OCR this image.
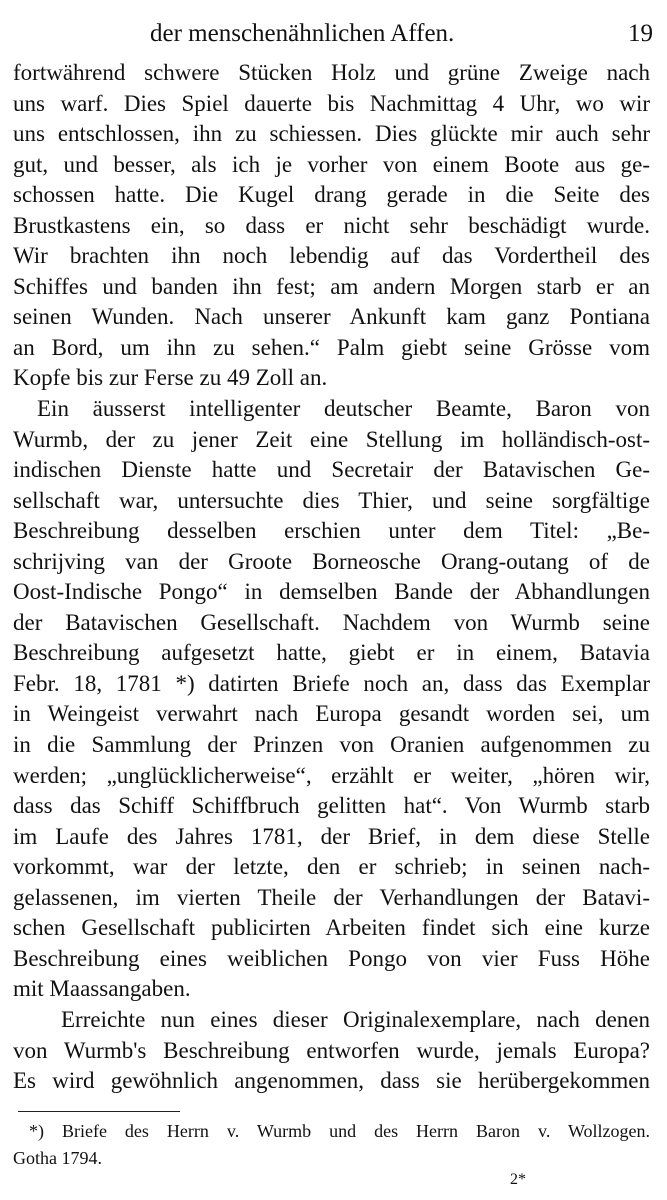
der menschenähnlichen Affen.	19
fortwährend schwere Stücken Holz und grüne Zweige nach
uns warf. Dies Spiel dauerte bis Nachmittag 4 Uhr, wo wir
uns entschlossen, ihn zu schiessen. Dies glückte mir auch sehr
gut, und besser, als ich je vorher von einem Boote aus ge-
schossen hatte. Die Kugel drang gerade in die Seite des
Brustkastens ein, so dass er nicht sehr beschädigt wurde.
Wir brachten ihn noch lebendig auf das Vordertheil des
Schiffes und banden ihn fest; am andern Morgen starb er an
seinen Wunden. Nach unserer Ankunft kam ganz Pontiana
an Bord, um ihn zu sehen.“ Palm giebt seine Grösse vom
Kopfe bis zur Ferse zu 49 Zoll an.
Ein äusserst intelligenter deutscher Beamte, Baron von
Wurmb, der zu jener Zeit eine Stellung im holländisch-ost-
indischen Dienste hatte und Secretair der Batavischen Ge-
sellschaft war, untersuchte dies Thier, und seine sorgfältige
Beschreibung desselben erschien unter dem Titel: „Be-
schrijving van der Groote Borneosche Orang-outang of de
Oost-Indische Pongo“ in demselben Bande der Abhandlungen
der Batavischen Gesellschaft. Nachdem von Wurmb seine
Beschreibung aufgesetzt hatte, giebt er in einem, Batavia
Febr. 18, 1781 *) datirten Briefe noch an, dass das Exemplar
in Weingeist verwahrt nach Europa gesandt worden sei, um
in die Sammlung der Prinzen von Oranien aufgenommen zu
werden; „unglücklicherweise“, erzählt er weiter, „hören wir,
dass das Schiff Schiffbruch gelitten hat“. Von Wurmb starb
im Laufe des Jahres 1781, der Brief, in dem diese Stelle
vorkommt, war der letzte, den er schrieb; in seinen nach-
gelassenen, im vierten Theile der Verhandlungen der Batavi-
schen Gesellschaft publicirten Arbeiten findet sich eine kurze
Beschreibung eines weiblichen Pongo von vier Fuss Höhe
mit Maassangaben.
Erreichte nun eines dieser Originalexemplare, nach denen
von Wurmb's Beschreibung entworfen wurde, jemals Europa?
Es wird gewöhnlich angenommen, dass sie herübergekommen
*) Briefe des Herrn v. Wurmb und des Herrn Baron v. Wollzogen.
Gotha 1794.
2*
